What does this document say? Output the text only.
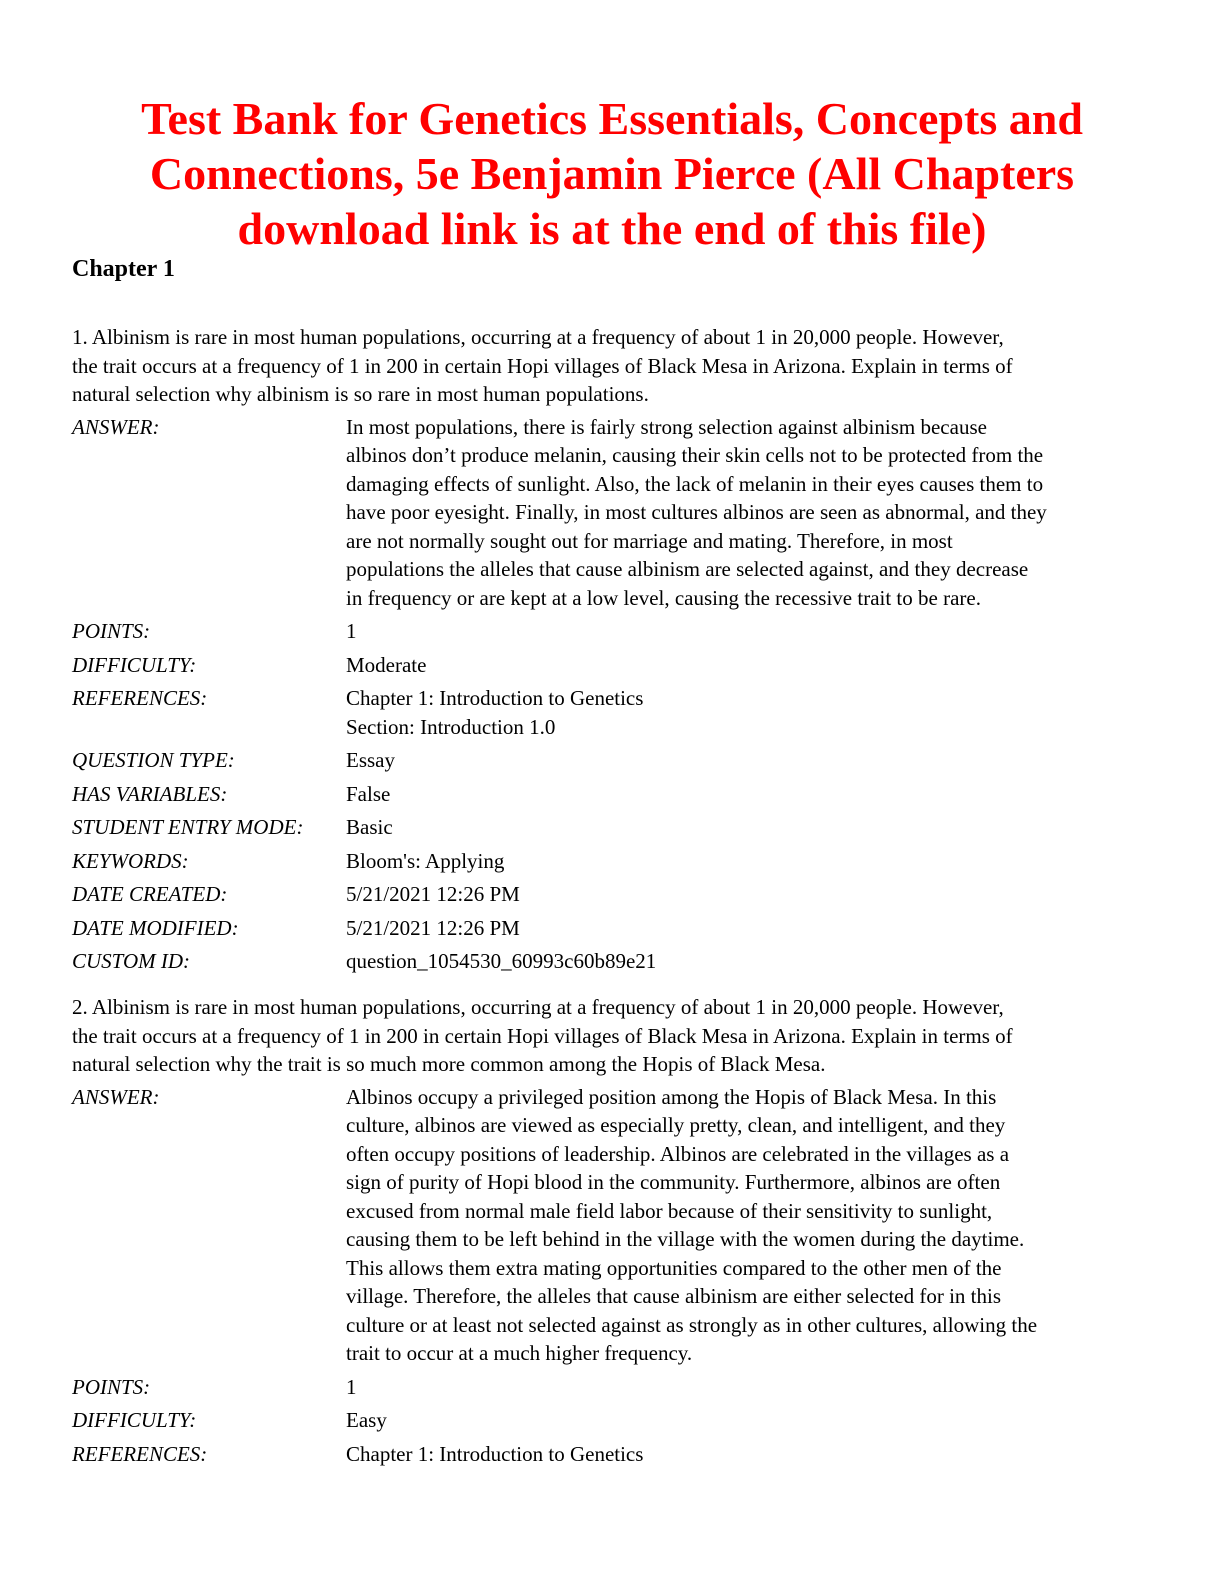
Test Bank for Genetics Essentials, Concepts and
Connections, 5e Benjamin Pierce (All Chapters
download link is at the end of this file)
Chapter 1

1. Albinism is rare in most human populations, occurring at a frequency of about 1 in 20,000 people. However,
the trait occurs at a frequency of 1 in 200 in certain Hopi villages of Black Mesa in Arizona. Explain in terms of
natural selection why albinism is so rare in most human populations.

ANSWER:	In most populations, there is fairly strong selection against albinism because
albinos don’t produce melanin, causing their skin cells not to be protected from the
damaging effects of sunlight. Also, the lack of melanin in their eyes causes them to
have poor eyesight. Finally, in most cultures albinos are seen as abnormal, and they
are not normally sought out for marriage and mating. Therefore, in most
populations the alleles that cause albinism are selected against, and they decrease
in frequency or are kept at a low level, causing the recessive trait to be rare.
POINTS:	1
DIFFICULTY:	Moderate
REFERENCES:	Chapter 1: Introduction to Genetics
Section: Introduction 1.0
QUESTION TYPE:	Essay
HAS VARIABLES:	False
STUDENT ENTRY MODE: Basic
KEYWORDS:	Bloom's: Applying
DATE CREATED:	5/21/2021 12:26 PM
DATE MODIFIED:	5/21/2021 12:26 PM
CUSTOM ID:	question_1054530_60993c60b89e21

2. Albinism is rare in most human populations, occurring at a frequency of about 1 in 20,000 people. However,
the trait occurs at a frequency of 1 in 200 in certain Hopi villages of Black Mesa in Arizona. Explain in terms of
natural selection why the trait is so much more common among the Hopis of Black Mesa.

ANSWER:	Albinos occupy a privileged position among the Hopis of Black Mesa. In this
culture, albinos are viewed as especially pretty, clean, and intelligent, and they
often occupy positions of leadership. Albinos are celebrated in the villages as a
sign of purity of Hopi blood in the community. Furthermore, albinos are often
excused from normal male field labor because of their sensitivity to sunlight,
causing them to be left behind in the village with the women during the daytime.
This allows them extra mating opportunities compared to the other men of the
village. Therefore, the alleles that cause albinism are either selected for in this
culture or at least not selected against as strongly as in other cultures, allowing the
trait to occur at a much higher frequency.
POINTS:	1
DIFFICULTY:	Easy
REFERENCES:	Chapter 1: Introduction to Genetics
